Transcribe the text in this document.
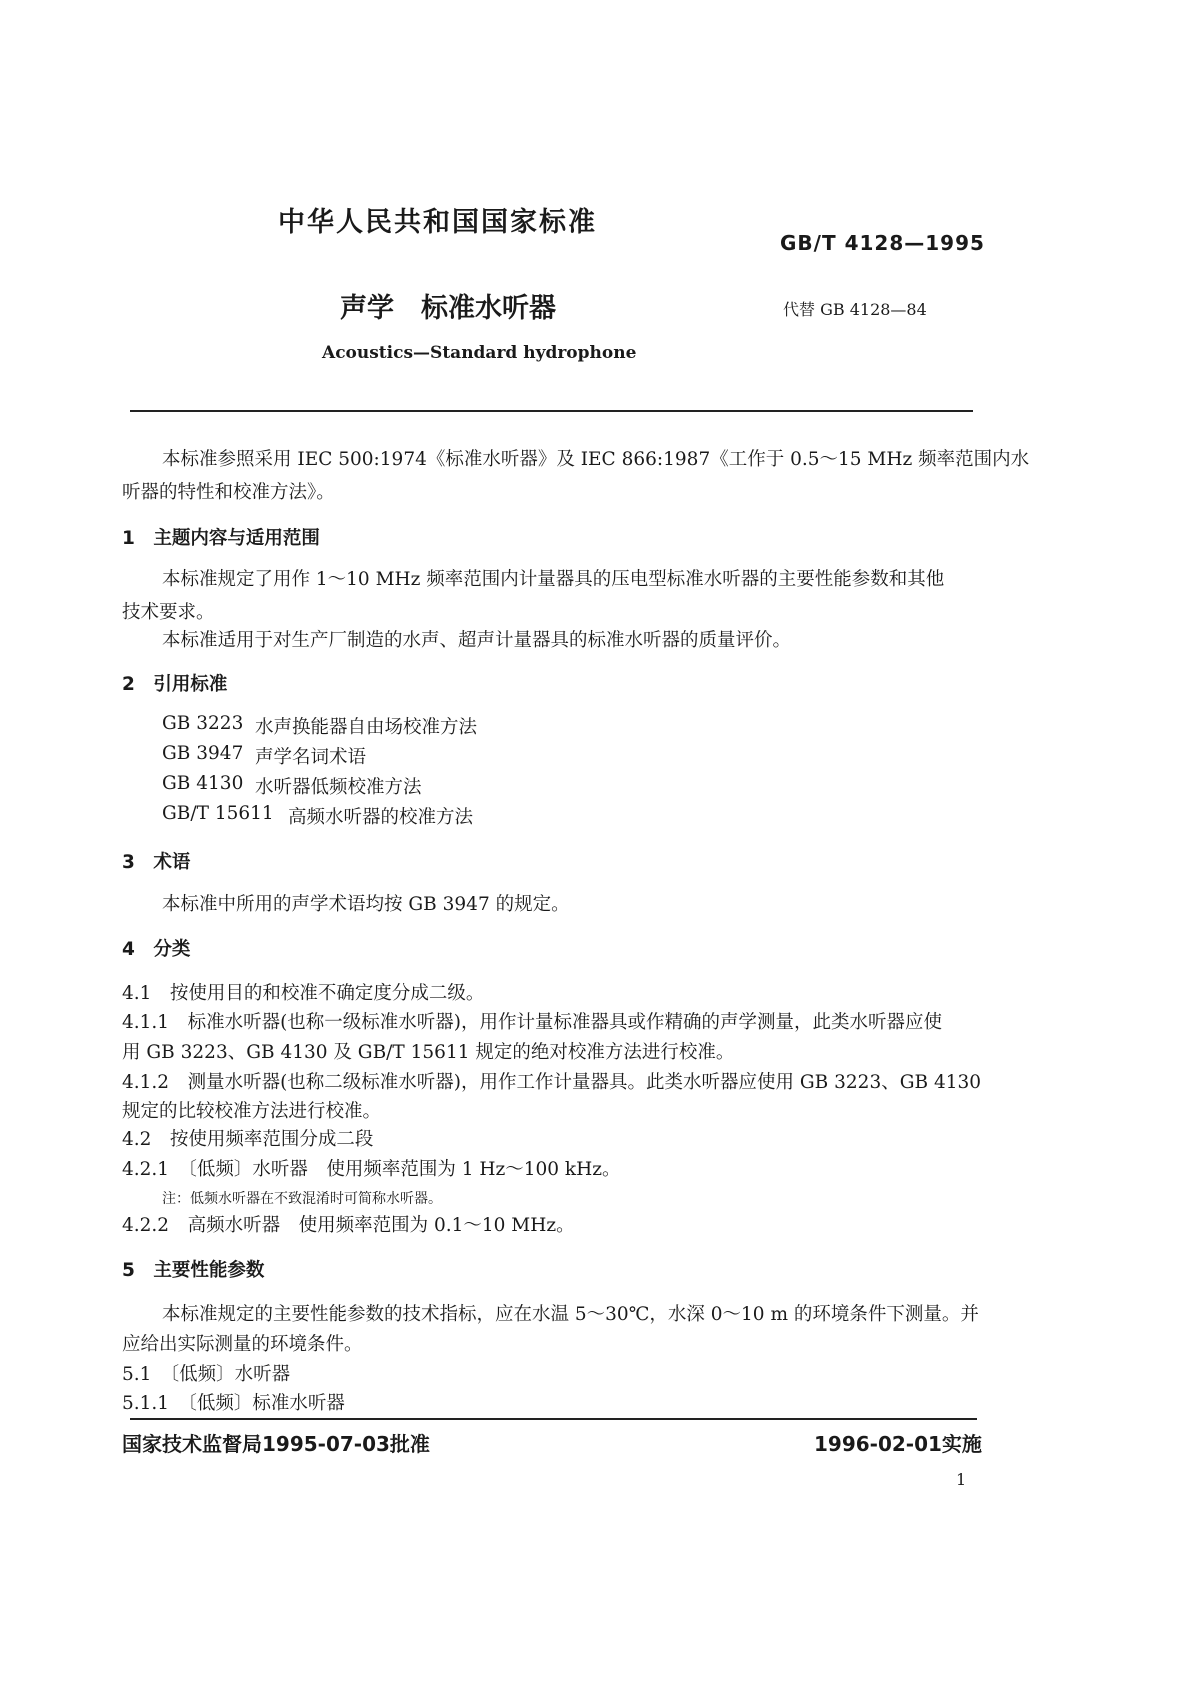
中华人民共和国国家标准
GB/T 4128—1995
声学　标准水听器	代替 GB 4128—84
Acoustics—Standard hydrophone
本标准参照采用 IEC 500:1974《标准水听器》及 IEC 866:1987《工作于 0.5～15 MHz 频率范围内水
听器的特性和校准方法》。
1　主题内容与适用范围
本标准规定了用作 1～10 MHz 频率范围内计量器具的压电型标准水听器的主要性能参数和其他
技术要求。
本标准适用于对生产厂制造的水声、超声计量器具的标准水听器的质量评价。
2　引用标准
GB 3223 水声换能器自由场校准方法
GB 3947 声学名词术语
GB 4130 水听器低频校准方法
GB/T 15611 高频水听器的校准方法
3　术语
本标准中所用的声学术语均按 GB 3947 的规定。
4　分类
4.1　按使用目的和校准不确定度分成二级。
4.1.1　标准水听器(也称一级标准水听器)，用作计量标准器具或作精确的声学测量，此类水听器应使
用 GB 3223、GB 4130 及 GB/T 15611 规定的绝对校准方法进行校准。
4.1.2　测量水听器(也称二级标准水听器)，用作工作计量器具。此类水听器应使用 GB 3223、GB 4130
规定的比较校准方法进行校准。
4.2　按使用频率范围分成二段
4.2.1　〔低频〕水听器　使用频率范围为 1 Hz～100 kHz。
注：低频水听器在不致混淆时可简称水听器。
4.2.2　高频水听器　使用频率范围为 0.1～10 MHz。
5　主要性能参数
本标准规定的主要性能参数的技术指标，应在水温 5～30℃，水深 0～10 m 的环境条件下测量。并
应给出实际测量的环境条件。
5.1　〔低频〕水听器
5.1.1　〔低频〕标准水听器
国家技术监督局1995-07-03批准	1996-02-01实施
1
